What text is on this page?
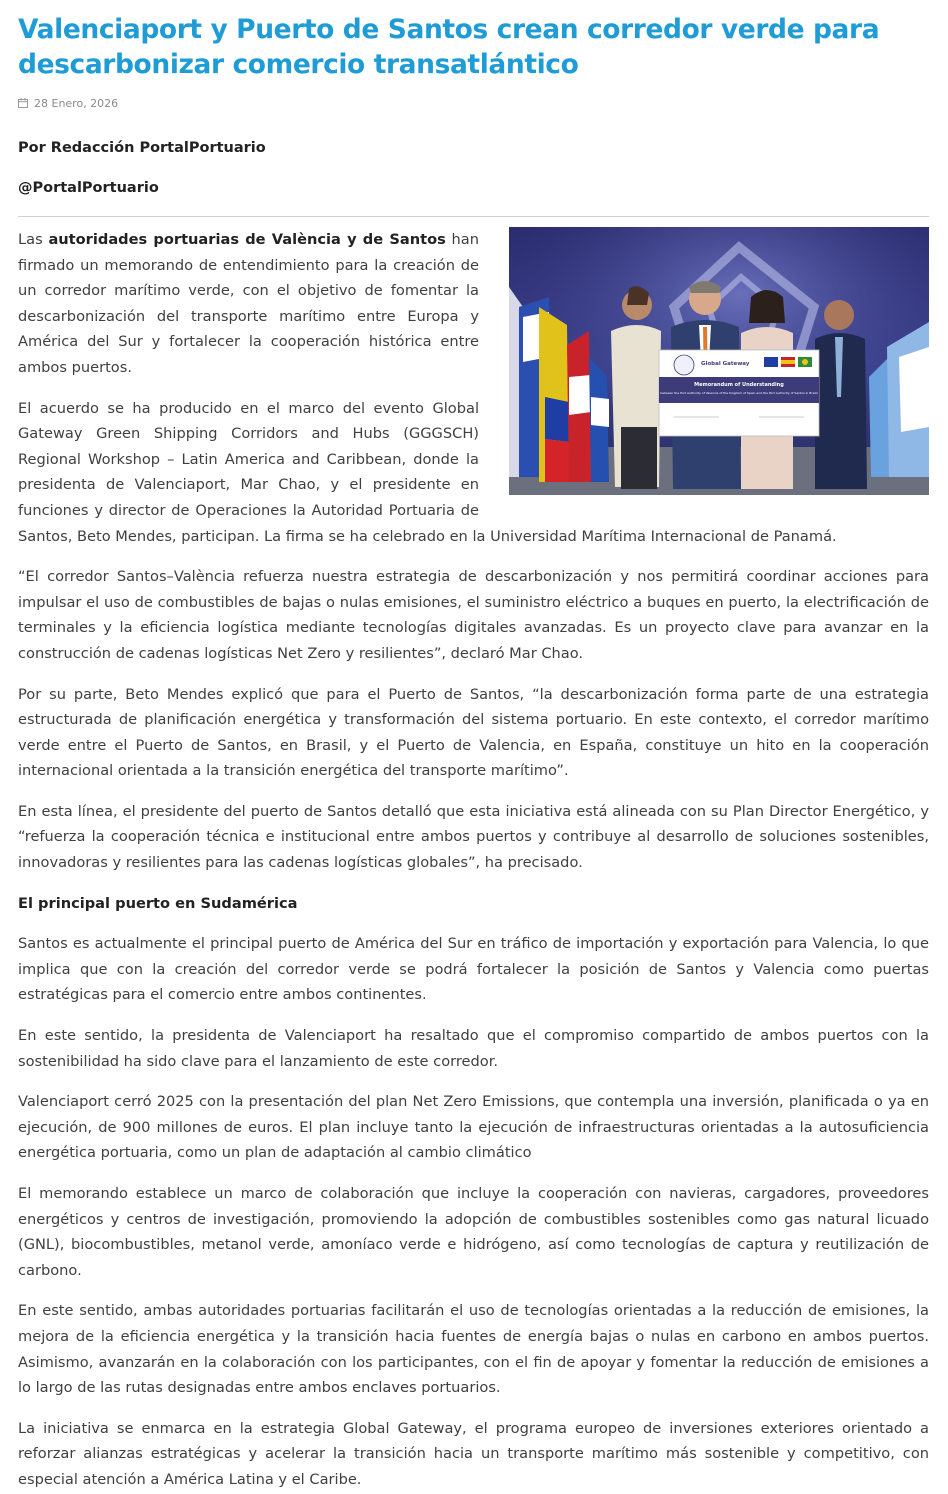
Valenciaport y Puerto de Santos crean corredor verde para descarbonizar comercio transatlántico
28 Enero, 2026
Por Redacción PortalPortuario
@PortalPortuario
Global Gateway
Memorandum of Understanding
between the Port Authority of Valencia of the Kingdom of Spain and the Port Authority of Santos in Brazil

Las autoridades portuarias de València y de Santos han firmado un memorando de entendimiento para la creación de un corredor marítimo verde, con el objetivo de fomentar la descarbonización del transporte marítimo entre Europa y América del Sur y fortalecer la cooperación histórica entre ambos puertos.

El acuerdo se ha producido en el marco del evento Global Gateway Green Shipping Corridors and Hubs (GGGSCH) Regional Workshop – Latin America and Caribbean, donde la presidenta de Valenciaport, Mar Chao, y el presidente en funciones y director de Operaciones la Autoridad Portuaria de Santos, Beto Mendes, participan. La firma se ha celebrado en la Universidad Marítima Internacional de Panamá.

“El corredor Santos–València refuerza nuestra estrategia de descarbonización y nos permitirá coordinar acciones para impulsar el uso de combustibles de bajas o nulas emisiones, el suministro eléctrico a buques en puerto, la electrificación de terminales y la eficiencia logística mediante tecnologías digitales avanzadas. Es un proyecto clave para avanzar en la construcción de cadenas logísticas Net Zero y resilientes”, declaró Mar Chao.

Por su parte, Beto Mendes explicó que para el Puerto de Santos, “la descarbonización forma parte de una estrategia estructurada de planificación energética y transformación del sistema portuario. En este contexto, el corredor marítimo verde entre el Puerto de Santos, en Brasil, y el Puerto de Valencia, en España, constituye un hito en la cooperación internacional orientada a la transición energética del transporte marítimo”.

En esta línea, el presidente del puerto de Santos detalló que esta iniciativa está alineada con su Plan Director Energético, y “refuerza la cooperación técnica e institucional entre ambos puertos y contribuye al desarrollo de soluciones sostenibles, innovadoras y resilientes para las cadenas logísticas globales”, ha precisado.

El principal puerto en Sudamérica

Santos es actualmente el principal puerto de América del Sur en tráfico de importación y exportación para Valencia, lo que implica que con la creación del corredor verde se podrá fortalecer la posición de Santos y Valencia como puertas estratégicas para el comercio entre ambos continentes.

En este sentido, la presidenta de Valenciaport ha resaltado que el compromiso compartido de ambos puertos con la sostenibilidad ha sido clave para el lanzamiento de este corredor.

Valenciaport cerró 2025 con la presentación del plan Net Zero Emissions, que contempla una inversión, planificada o ya en ejecución, de 900 millones de euros. El plan incluye tanto la ejecución de infraestructuras orientadas a la autosuficiencia energética portuaria, como un plan de adaptación al cambio climático

El memorando establece un marco de colaboración que incluye la cooperación con navieras, cargadores, proveedores energéticos y centros de investigación, promoviendo la adopción de combustibles sostenibles como gas natural licuado (GNL), biocombustibles, metanol verde, amoníaco verde e hidrógeno, así como tecnologías de captura y reutilización de carbono.

En este sentido, ambas autoridades portuarias facilitarán el uso de tecnologías orientadas a la reducción de emisiones, la mejora de la eficiencia energética y la transición hacia fuentes de energía bajas o nulas en carbono en ambos puertos. Asimismo, avanzarán en la colaboración con los participantes, con el fin de apoyar y fomentar la reducción de emisiones a lo largo de las rutas designadas entre ambos enclaves portuarios.

La iniciativa se enmarca en la estrategia Global Gateway, el programa europeo de inversiones exteriores orientado a reforzar alianzas estratégicas y acelerar la transición hacia un transporte marítimo más sostenible y competitivo, con especial atención a América Latina y el Caribe.
